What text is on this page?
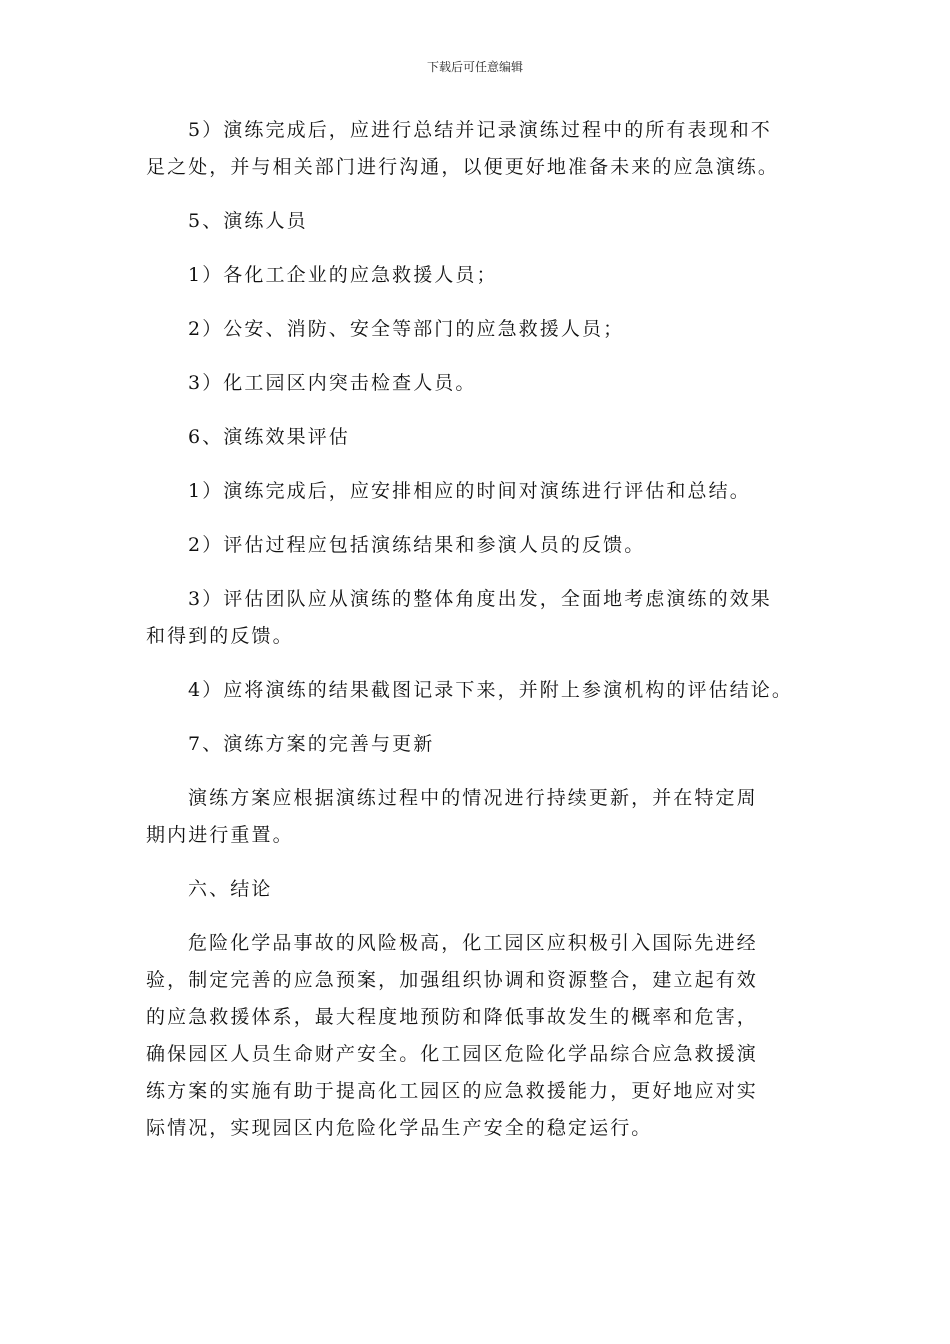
下载后可任意编辑
5）演练完成后，应进行总结并记录演练过程中的所有表现和不
足之处，并与相关部门进行沟通，以便更好地准备未来的应急演练。
5、演练人员
1）各化工企业的应急救援人员；
2）公安、消防、安全等部门的应急救援人员；
3）化工园区内突击检查人员。
6、演练效果评估
1）演练完成后，应安排相应的时间对演练进行评估和总结。
2）评估过程应包括演练结果和参演人员的反馈。
3）评估团队应从演练的整体角度出发，全面地考虑演练的效果
和得到的反馈。
4）应将演练的结果截图记录下来，并附上参演机构的评估结论。
7、演练方案的完善与更新
演练方案应根据演练过程中的情况进行持续更新，并在特定周
期内进行重置。
六、结论
危险化学品事故的风险极高，化工园区应积极引入国际先进经
验，制定完善的应急预案，加强组织协调和资源整合，建立起有效
的应急救援体系，最大程度地预防和降低事故发生的概率和危害，
确保园区人员生命财产安全。化工园区危险化学品综合应急救援演
练方案的实施有助于提高化工园区的应急救援能力，更好地应对实
际情况，实现园区内危险化学品生产安全的稳定运行。
